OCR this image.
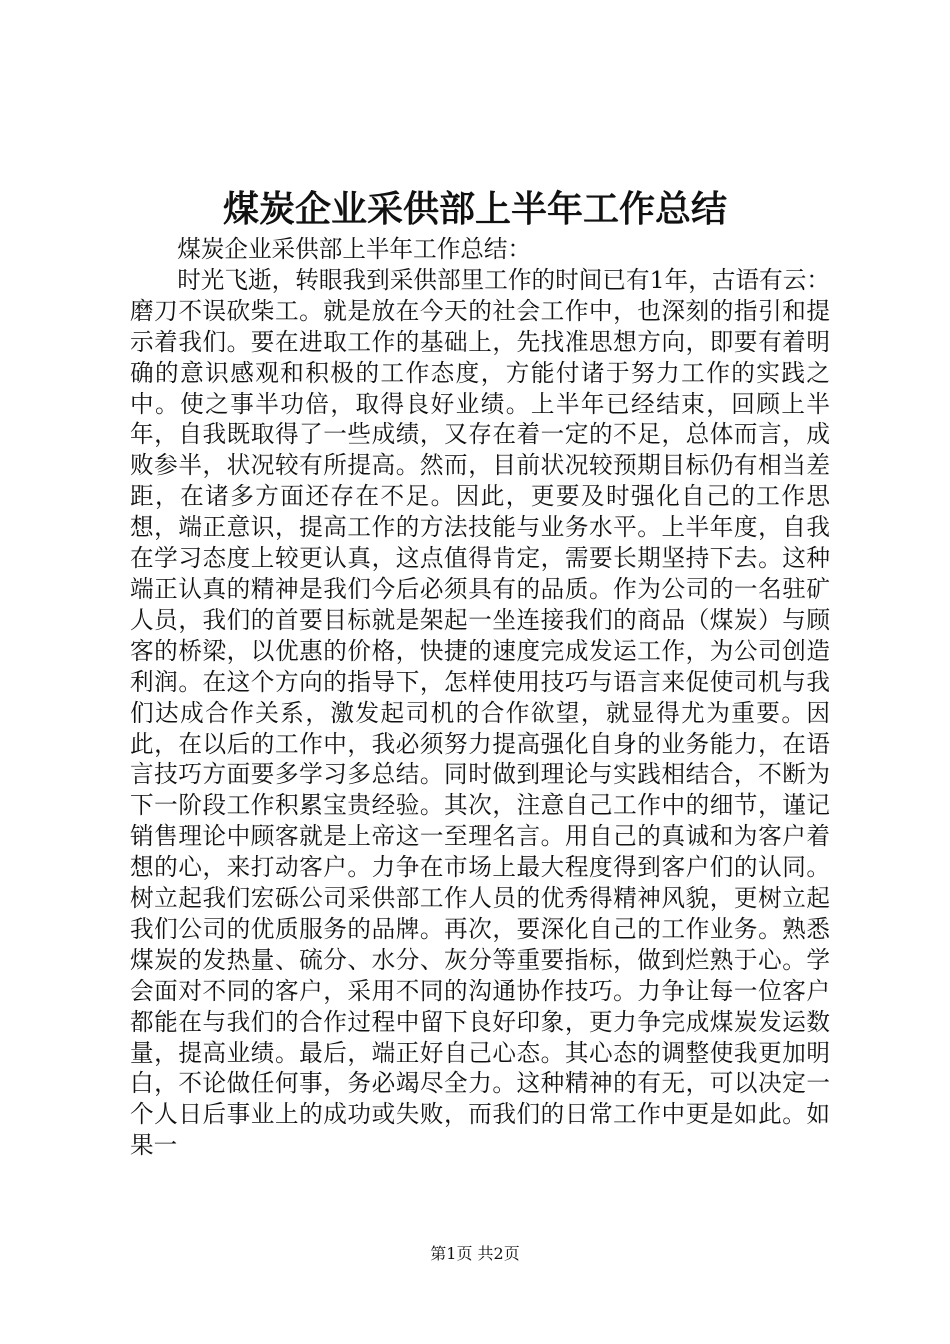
煤炭企业采供部上半年工作总结

煤炭企业采供部上半年工作总结：

时光飞逝，转眼我到采供部里工作的时间已有1年，古语有云：磨刀不误砍柴工。就是放在今天的社会工作中，也深刻的指引和提示着我们。要在进取工作的基础上，先找准思想方向，即要有着明确的意识感观和积极的工作态度，方能付诸于努力工作的实践之中。使之事半功倍，取得良好业绩。上半年已经结束，回顾上半年，自我既取得了一些成绩，又存在着一定的不足，总体而言，成败参半，状况较有所提高。然而，目前状况较预期目标仍有相当差距，在诸多方面还存在不足。因此，更要及时强化自己的工作思想，端正意识，提高工作的方法技能与业务水平。上半年度，自我在学习态度上较更认真，这点值得肯定，需要长期坚持下去。这种端正认真的精神是我们今后必须具有的品质。作为公司的一名驻矿人员，我们的首要目标就是架起一坐连接我们的商品（煤炭）与顾客的桥梁，以优惠的价格，快捷的速度完成发运工作，为公司创造利润。在这个方向的指导下，怎样使用技巧与语言来促使司机与我们达成合作关系，激发起司机的合作欲望，就显得尤为重要。因此，在以后的工作中，我必须努力提高强化自身的业务能力，在语言技巧方面要多学习多总结。同时做到理论与实践相结合，不断为下一阶段工作积累宝贵经验。其次，注意自己工作中的细节，谨记销售理论中顾客就是上帝这一至理名言。用自己的真诚和为客户着想的心，来打动客户。力争在市场上最大程度得到客户们的认同。树立起我们宏砾公司采供部工作人员的优秀得精神风貌，更树立起我们公司的优质服务的品牌。再次，要深化自己的工作业务。熟悉煤炭的发热量、硫分、水分、灰分等重要指标，做到烂熟于心。学会面对不同的客户，采用不同的沟通协作技巧。力争让每一位客户都能在与我们的合作过程中留下良好印象，更力争完成煤炭发运数量，提高业绩。最后，端正好自己心态。其心态的调整使我更加明白，不论做任何事，务必竭尽全力。这种精神的有无，可以决定一个人日后事业上的成功或失败，而我们的日常工作中更是如此。如果一

第1页 共2页
